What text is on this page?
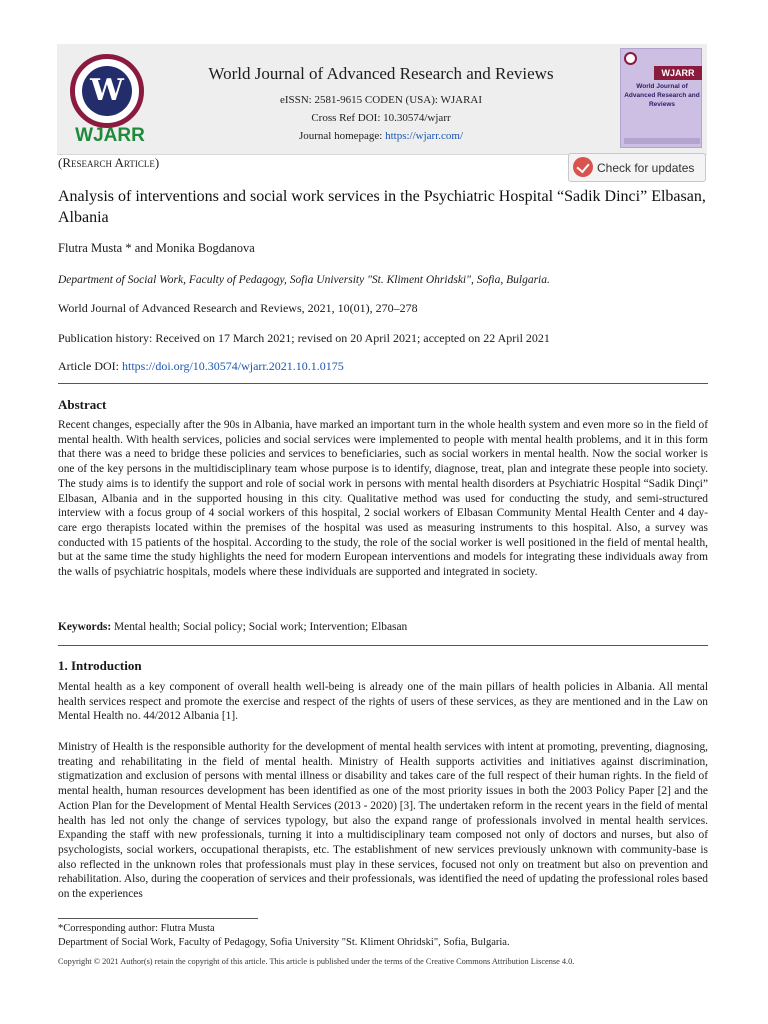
W
WJARR
World Journal of Advanced Research and Reviews
eISSN: 2581-9615 CODEN (USA): WJARAI
Cross Ref DOI: 10.30574/wjarr
Journal homepage: https://wjarr.com/
WJARR
World Journal of Advanced Research and Reviews
(Research Article)	Check for updates
Analysis of interventions and social work services in the Psychiatric Hospital “Sadik Dinci” Elbasan, Albania
Flutra Musta * and Monika Bogdanova
Department of Social Work, Faculty of Pedagogy, Sofia University "St. Kliment Ohridski", Sofia, Bulgaria.
World Journal of Advanced Research and Reviews, 2021, 10(01), 270–278
Publication history: Received on 17 March 2021; revised on 20 April 2021; accepted on 22 April 2021
Article DOI: https://doi.org/10.30574/wjarr.2021.10.1.0175
Abstract
Recent changes, especially after the 90s in Albania, have marked an important turn in the whole health system and even more so in the field of mental health. With health services, policies and social services were implemented to people with mental health problems, and it in this form that there was a need to bridge these policies and services to beneficiaries, such as social workers in mental health. Now the social worker is one of the key persons in the multidisciplinary team whose purpose is to identify, diagnose, treat, plan and integrate these people into society. The study aims is to identify the support and role of social work in persons with mental health disorders at Psychiatric Hospital “Sadik Dinçi” Elbasan, Albania and in the supported housing in this city. Qualitative method was used for conducting the study, and semi-structured interview with a focus group of 4 social workers of this hospital, 2 social workers of Elbasan Community Mental Health Center and 4 day-care ergo therapists located within the premises of the hospital was used as measuring instruments to this hospital. Also, a survey was conducted with 15 patients of the hospital. According to the study, the role of the social worker is well positioned in the field of mental health, but at the same time the study highlights the need for modern European interventions and models for integrating these individuals away from the walls of psychiatric hospitals, models where these individuals are supported and integrated in society.
Keywords: Mental health; Social policy; Social work; Intervention; Elbasan
1. Introduction
Mental health as a key component of overall health well-being is already one of the main pillars of health policies in Albania. All mental health services respect and promote the exercise and respect of the rights of users of these services, as they are mentioned and in the Law on Mental Health no. 44/2012 Albania [1].
Ministry of Health is the responsible authority for the development of mental health services with intent at promoting, preventing, diagnosing, treating and rehabilitating in the field of mental health. Ministry of Health supports activities and initiatives against discrimination, stigmatization and exclusion of persons with mental illness or disability and takes care of the full respect of their human rights. In the field of mental health, human resources development has been identified as one of the most priority issues in both the 2003 Policy Paper [2] and the Action Plan for the Development of Mental Health Services (2013 - 2020) [3]. The undertaken reform in the recent years in the field of mental health has led not only the change of services typology, but also the expand range of professionals involved in mental health services. Expanding the staff with new professionals, turning it into a multidisciplinary team composed not only of doctors and nurses, but also of psychologists, social workers, occupational therapists, etc. The establishment of new services previously unknown with community-base is also reflected in the unknown roles that professionals must play in these services, focused not only on treatment but also on prevention and rehabilitation. Also, during the cooperation of services and their professionals, was identified the need of updating the professional roles based on the experiences
*Corresponding author: Flutra Musta
Department of Social Work, Faculty of Pedagogy, Sofia University "St. Kliment Ohridski", Sofia, Bulgaria.
Copyright © 2021 Author(s) retain the copyright of this article. This article is published under the terms of the Creative Commons Attribution Liscense 4.0.
